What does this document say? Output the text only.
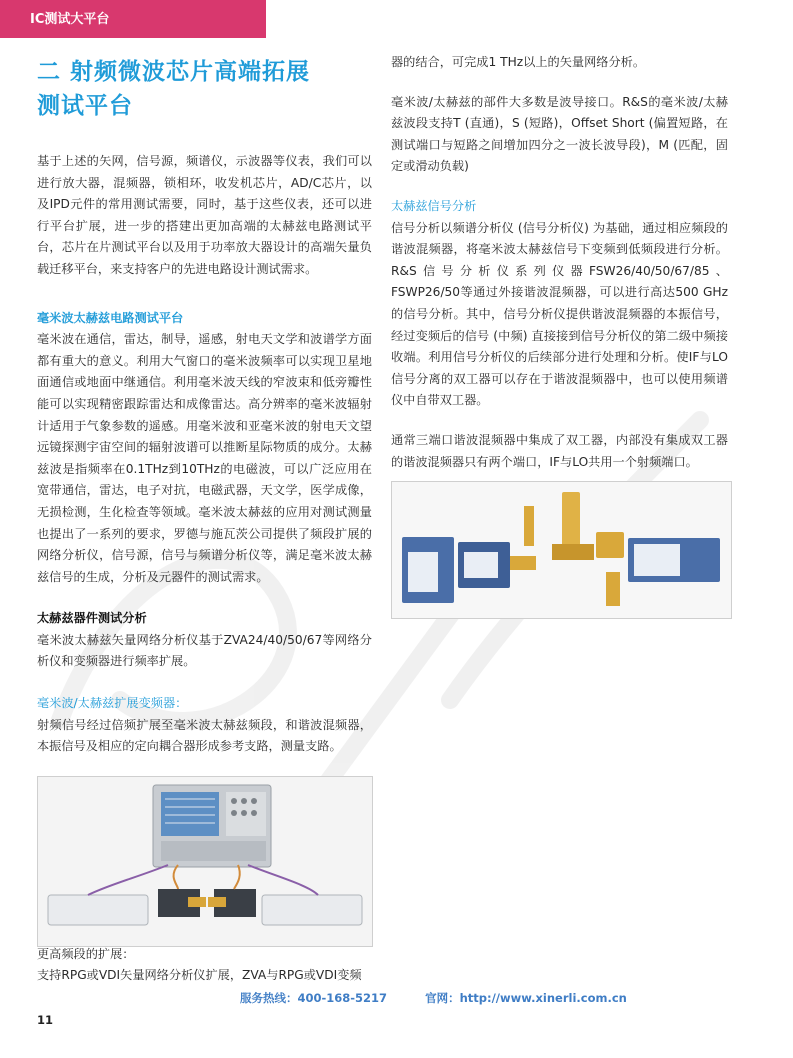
IC测试大平台
二 射频微波芯片高端拓展
测试平台

基于上述的矢网，信号源，频谱仪，示波器等仪表，我们可以进行放大器，混频器，锁相环，收发机芯片，AD/C芯片，以及IPD元件的常用测试需要，同时，基于这些仪表，还可以进行平台扩展，进一步的搭建出更加高端的太赫兹电路测试平台，芯片在片测试平台以及用于功率放大器设计的高端矢量负载迁移平台，来支持客户的先进电路设计测试需求。

毫米波太赫兹电路测试平台

毫米波在通信，雷达，制导，遥感，射电天文学和波谱学方面都有重大的意义。利用大气窗口的毫米波频率可以实现卫星地面通信或地面中继通信。利用毫米波天线的窄波束和低旁瓣性能可以实现精密跟踪雷达和成像雷达。高分辨率的毫米波辐射计适用于气象参数的遥感。用毫米波和亚毫米波的射电天文望远镜探测宇宙空间的辐射波谱可以推断星际物质的成分。太赫兹波是指频率在0.1THz到10THz的电磁波，可以广泛应用在宽带通信，雷达，电子对抗，电磁武器，天文学，医学成像，无损检测，生化检查等领域。毫米波太赫兹的应用对测试测量也提出了一系列的要求，罗德与施瓦茨公司提供了频段扩展的网络分析仪，信号源，信号与频谱分析仪等，满足毫米波太赫兹信号的生成，分析及元器件的测试需求。

太赫兹器件测试分析

毫米波太赫兹矢量网络分析仪基于ZVA24/40/50/67等网络分析仪和变频器进行频率扩展。

毫米波/太赫兹扩展变频器：

射频信号经过倍频扩展至毫米波太赫兹频段，和谐波混频器，本振信号及相应的定向耦合器形成参考支路，测量支路。

更高频段的扩展：
支持RPG或VDI矢量网络分析仪扩展，ZVA与RPG或VDI变频

器的结合，可完成1 THz以上的矢量网络分析。

毫米波/太赫兹的部件大多数是波导接口。R&S的毫米波/太赫兹波段支持T (直通)，S (短路)，Offset Short (偏置短路，在测试端口与短路之间增加四分之一波长波导段)，M (匹配，固定或滑动负载)

太赫兹信号分析

信号分析以频谱分析仪 (信号分析仪) 为基础，通过相应频段的谐波混频器，将毫米波太赫兹信号下变频到低频段进行分析。R&S信号分析仪系列仪器FSW26/40/50/67/85、FSWP26/50等通过外接谐波混频器，可以进行高达500 GHz的信号分析。其中，信号分析仪提供谐波混频器的本振信号，经过变频后的信号 (中频) 直接接到信号分析仪的第二级中频接收端。利用信号分析仪的后续部分进行处理和分析。使IF与LO信号分离的双工器可以存在于谐波混频器中，也可以使用频谱仪中自带双工器。

通常三端口谐波混频器中集成了双工器，内部没有集成双工器的谐波混频器只有两个端口，IF与LO共用一个射频端口。

服务热线：400-168-5217	官网：http://www.xinerli.com.cn
11
